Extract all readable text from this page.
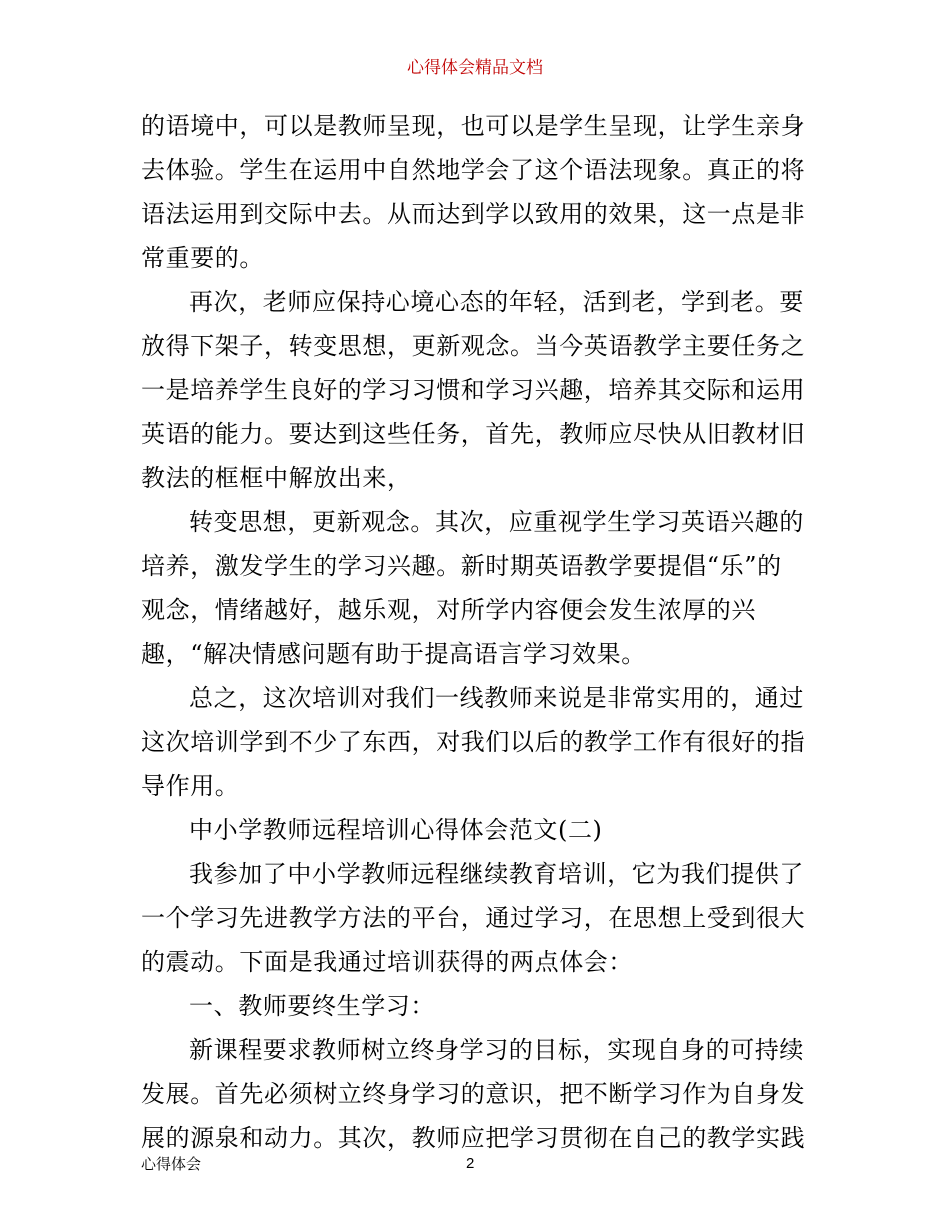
心得体会精品文档
的语境中，可以是教师呈现，也可以是学生呈现，让学生亲身
去体验。学生在运用中自然地学会了这个语法现象。真正的将
语法运用到交际中去。从而达到学以致用的效果，这一点是非
常重要的。
再次，老师应保持心境心态的年轻，活到老，学到老。要
放得下架子，转变思想，更新观念。当今英语教学主要任务之
一是培养学生良好的学习习惯和学习兴趣，培养其交际和运用
英语的能力。要达到这些任务，首先，教师应尽快从旧教材旧
教法的框框中解放出来，
转变思想，更新观念。其次，应重视学生学习英语兴趣的
培养，激发学生的学习兴趣。新时期英语教学要提倡“乐”的
观念，情绪越好，越乐观，对所学内容便会发生浓厚的兴
趣，“解决情感问题有助于提高语言学习效果。
总之，这次培训对我们一线教师来说是非常实用的，通过
这次培训学到不少了东西，对我们以后的教学工作有很好的指
导作用。
中小学教师远程培训心得体会范文(二)
我参加了中小学教师远程继续教育培训，它为我们提供了
一个学习先进教学方法的平台，通过学习，在思想上受到很大
的震动。下面是我通过培训获得的两点体会：
一、教师要终生学习：
新课程要求教师树立终身学习的目标，实现自身的可持续
发展。首先必须树立终身学习的意识，把不断学习作为自身发
展的源泉和动力。其次，教师应把学习贯彻在自己的教学实践
心得体会	2
